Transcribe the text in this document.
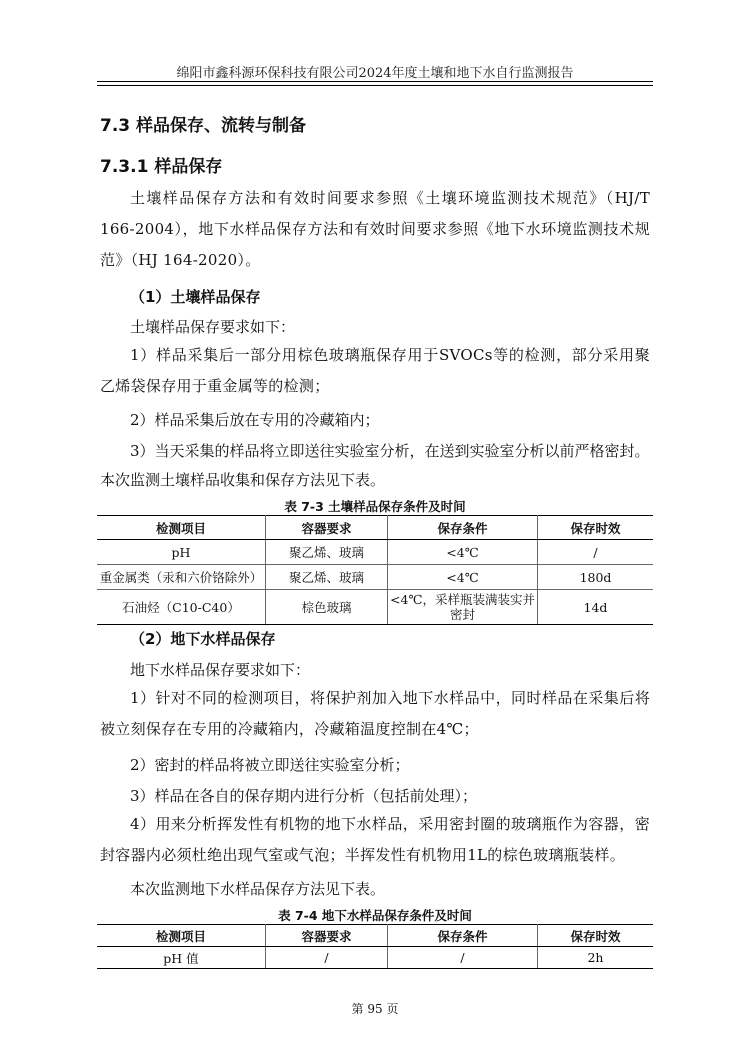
绵阳市鑫科源环保科技有限公司2024年度土壤和地下水自行监测报告
7.3 样品保存、流转与制备
7.3.1 样品保存
土壤样品保存方法和有效时间要求参照《土壤环境监测技术规范》（HJ/T 166-2004），地下水样品保存方法和有效时间要求参照《地下水环境监测技术规范》（HJ 164-2020）。
（1）土壤样品保存
土壤样品保存要求如下：
1）样品采集后一部分用棕色玻璃瓶保存用于SVOCs等的检测，部分采用聚乙烯袋保存用于重金属等的检测；
2）样品采集后放在专用的冷藏箱内；
3）当天采集的样品将立即送往实验室分析，在送到实验室分析以前严格密封。
本次监测土壤样品收集和保存方法见下表。
表 7-3 土壤样品保存条件及时间
检测项目	容器要求	保存条件	保存时效
pH	聚乙烯、玻璃	<4℃	/
重金属类（汞和六价铬除外）	聚乙烯、玻璃	<4℃	180d
石油烃（C10-C40）	棕色玻璃	<4℃，采样瓶装满装实并密封	14d
（2）地下水样品保存
地下水样品保存要求如下：
1）针对不同的检测项目，将保护剂加入地下水样品中，同时样品在采集后将被立刻保存在专用的冷藏箱内，冷藏箱温度控制在4℃；
2）密封的样品将被立即送往实验室分析；
3）样品在各自的保存期内进行分析（包括前处理）；
4）用来分析挥发性有机物的地下水样品，采用密封圈的玻璃瓶作为容器，密封容器内必须杜绝出现气室或气泡；半挥发性有机物用1L的棕色玻璃瓶装样。
本次监测地下水样品保存方法见下表。
表 7-4 地下水样品保存条件及时间
检测项目	容器要求	保存条件	保存时效
pH 值	/	/	2h
第 95 页
